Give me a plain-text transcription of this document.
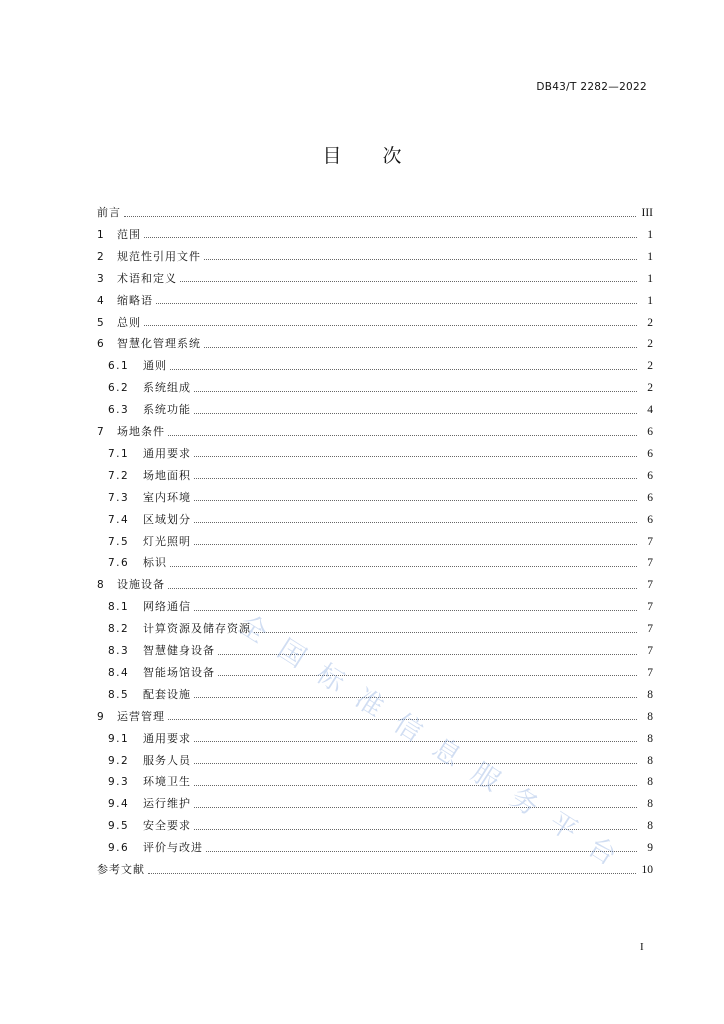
DB43/T 2282—2022
目　次
前言	III
1	范围	1
2	规范性引用文件	1
3	术语和定义	1
4	缩略语	1
5	总则	2
6	智慧化管理系统	2
6.1	通则	2
6.2	系统组成	2
6.3	系统功能	4
7	场地条件	6
7.1	通用要求	6
7.2	场地面积	6
7.3	室内环境	6
7.4	区域划分	6
7.5	灯光照明	7
7.6	标识	7
8	设施设备	7
8.1	网络通信	7
8.2	计算资源及储存资源	7
8.3	智慧健身设备	7
8.4	智能场馆设备	7
8.5	配套设施	8
9	运营管理	8
9.1	通用要求	8
9.2	服务人员	8
9.3	环境卫生	8
9.4	运行维护	8
9.5	安全要求	8
9.6	评价与改进	9
参考文献	10
全国标准信息服务平台
I
